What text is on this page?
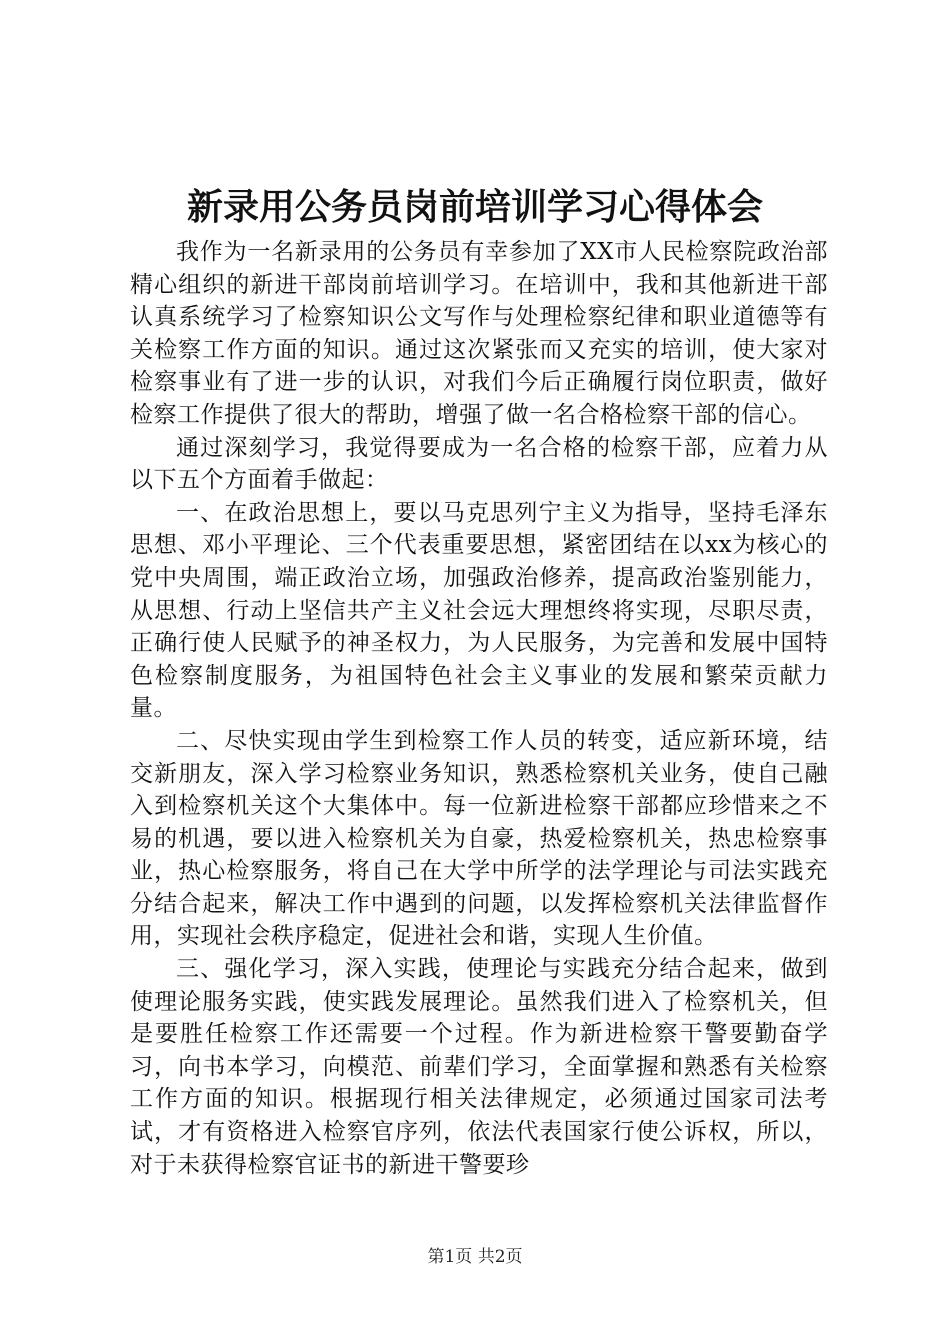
新录用公务员岗前培训学习心得体会

我作为一名新录用的公务员有幸参加了XX市人民检察院政治部精心组织的新进干部岗前培训学习。在培训中，我和其他新进干部认真系统学习了检察知识公文写作与处理检察纪律和职业道德等有关检察工作方面的知识。通过这次紧张而又充实的培训，使大家对检察事业有了进一步的认识，对我们今后正确履行岗位职责，做好检察工作提供了很大的帮助，增强了做一名合格检察干部的信心。

通过深刻学习，我觉得要成为一名合格的检察干部，应着力从以下五个方面着手做起：

一、在政治思想上，要以马克思列宁主义为指导，坚持毛泽东思想、邓小平理论、三个代表重要思想，紧密团结在以xx为核心的党中央周围，端正政治立场，加强政治修养，提高政治鉴别能力，从思想、行动上坚信共产主义社会远大理想终将实现，尽职尽责，正确行使人民赋予的神圣权力，为人民服务，为完善和发展中国特色检察制度服务，为祖国特色社会主义事业的发展和繁荣贡献力量。

二、尽快实现由学生到检察工作人员的转变，适应新环境，结交新朋友，深入学习检察业务知识，熟悉检察机关业务，使自己融入到检察机关这个大集体中。每一位新进检察干部都应珍惜来之不易的机遇，要以进入检察机关为自豪，热爱检察机关，热忠检察事业，热心检察服务，将自己在大学中所学的法学理论与司法实践充分结合起来，解决工作中遇到的问题，以发挥检察机关法律监督作用，实现社会秩序稳定，促进社会和谐，实现人生价值。

三、强化学习，深入实践，使理论与实践充分结合起来，做到使理论服务实践，使实践发展理论。虽然我们进入了检察机关，但是要胜任检察工作还需要一个过程。作为新进检察干警要勤奋学习，向书本学习，向模范、前辈们学习，全面掌握和熟悉有关检察工作方面的知识。根据现行相关法律规定，必须通过国家司法考试，才有资格进入检察官序列，依法代表国家行使公诉权，所以，对于未获得检察官证书的新进干警要珍

第1页 共2页
